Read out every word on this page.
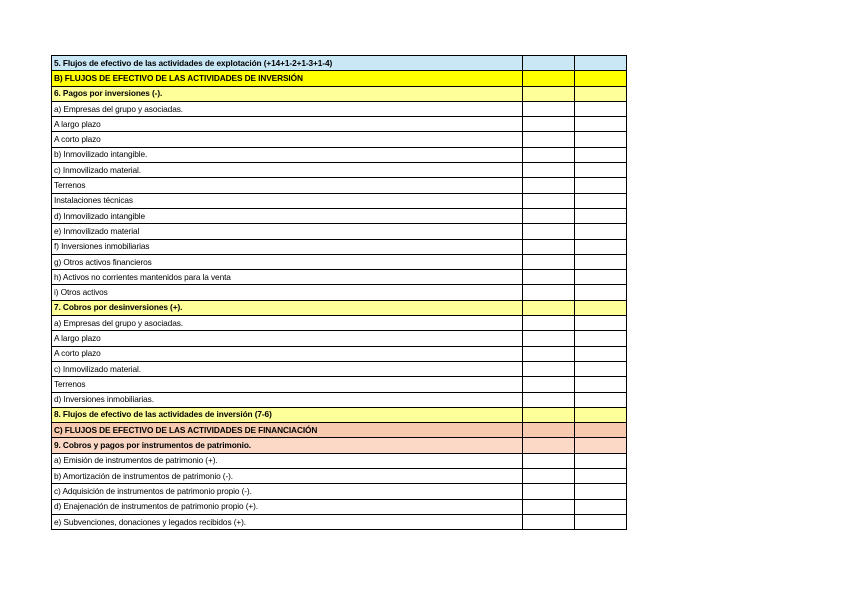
5. Flujos de efectivo de las actividades de explotación (+14+1-2+1-3+1-4)		
B) FLUJOS DE EFECTIVO DE LAS ACTIVIDADES DE INVERSIÓN		
6. Pagos por inversiones (-).		
a) Empresas del grupo y asociadas.		
A largo plazo		
A corto plazo		
b) Inmovilizado intangible.		
c) Inmovilizado material.		
Terrenos		
Instalaciones técnicas		
d) Inmovilizado intangible		
e) Inmovilizado material		
f) Inversiones inmobiliarias		
g) Otros activos financieros		
h) Activos no corrientes mantenidos para la venta		
i) Otros activos		
7. Cobros por desinversiones (+).		
a) Empresas del grupo y asociadas.		
A largo plazo		
A corto plazo		
c) Inmovilizado material.		
Terrenos		
d) Inversiones inmobiliarias.		
8. Flujos de efectivo de las actividades de inversión (7-6)		
C) FLUJOS DE EFECTIVO DE LAS ACTIVIDADES DE FINANCIACIÓN		
9. Cobros y pagos por instrumentos de patrimonio.		
a) Emisión de instrumentos de patrimonio (+).		
b) Amortización de instrumentos de patrimonio (-).		
c) Adquisición de instrumentos de patrimonio propio (-).		
d) Enajenación de instrumentos de patrimonio propio (+).		
e) Subvenciones, donaciones y legados recibidos (+).		
